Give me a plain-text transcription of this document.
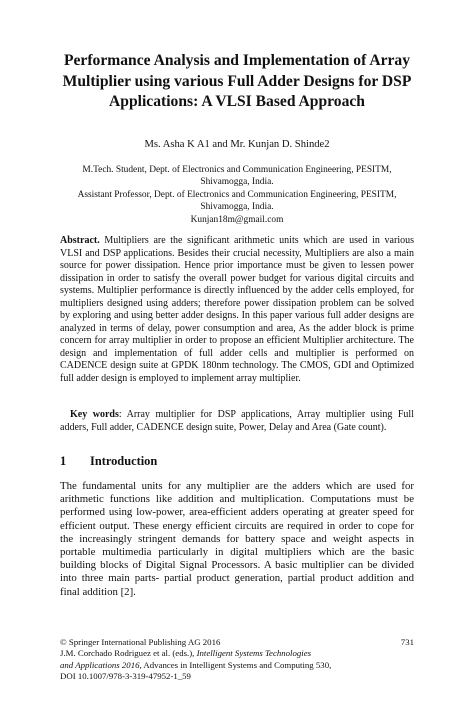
Performance Analysis and Implementation of Array
Multiplier using various Full Adder Designs for DSP
Applications: A VLSI Based Approach
Ms. Asha K A1 and Mr. Kunjan D. Shinde2
M.Tech. Student, Dept. of Electronics and Communication Engineering, PESITM,
Shivamogga, India.
Assistant Professor, Dept. of Electronics and Communication Engineering, PESITM,
Shivamogga, India.
Kunjan18m@gmail.com

Abstract. Multipliers are the significant arithmetic units which are used in various VLSI and DSP applications. Besides their crucial necessity, Multipliers are also a main source for power dissipation. Hence prior importance must be given to lessen power dissipation in order to satisfy the overall power budget for various digital circuits and systems. Multiplier performance is directly influenced by the adder cells employed, for multipliers designed using adders; therefore power dissipation problem can be solved by exploring and using better adder designs. In this paper various full adder designs are analyzed in terms of delay, power consumption and area, As the adder block is prime concern for array multiplier in order to propose an efficient Multiplier architecture. The design and implementation of full adder cells and multiplier is performed on CADENCE design suite at GPDK 180nm technology. The CMOS, GDI and Optimized full adder design is employed to implement array multiplier.

Key words: Array multiplier for DSP applications, Array multiplier using Full adders, Full adder, CADENCE design suite, Power, Delay and Area (Gate count).

1 Introduction

The fundamental units for any multiplier are the adders which are used for arithmetic functions like addition and multiplication. Computations must be performed using low-power, area-efficient adders operating at greater speed for efficient output. These energy efficient circuits are required in order to cope for the increasingly stringent demands for battery space and weight aspects in portable multimedia particularly in digital multipliers which are the basic building blocks of Digital Signal Processors. A basic multiplier can be divided into three main parts- partial product generation, partial product addition and final addition [2].

© Springer International Publishing AG 2016	731
J.M. Corchado Rodriguez et al. (eds.), Intelligent Systems Technologies
and Applications 2016, Advances in Intelligent Systems and Computing 530,
DOI 10.1007/978-3-319-47952-1_59
